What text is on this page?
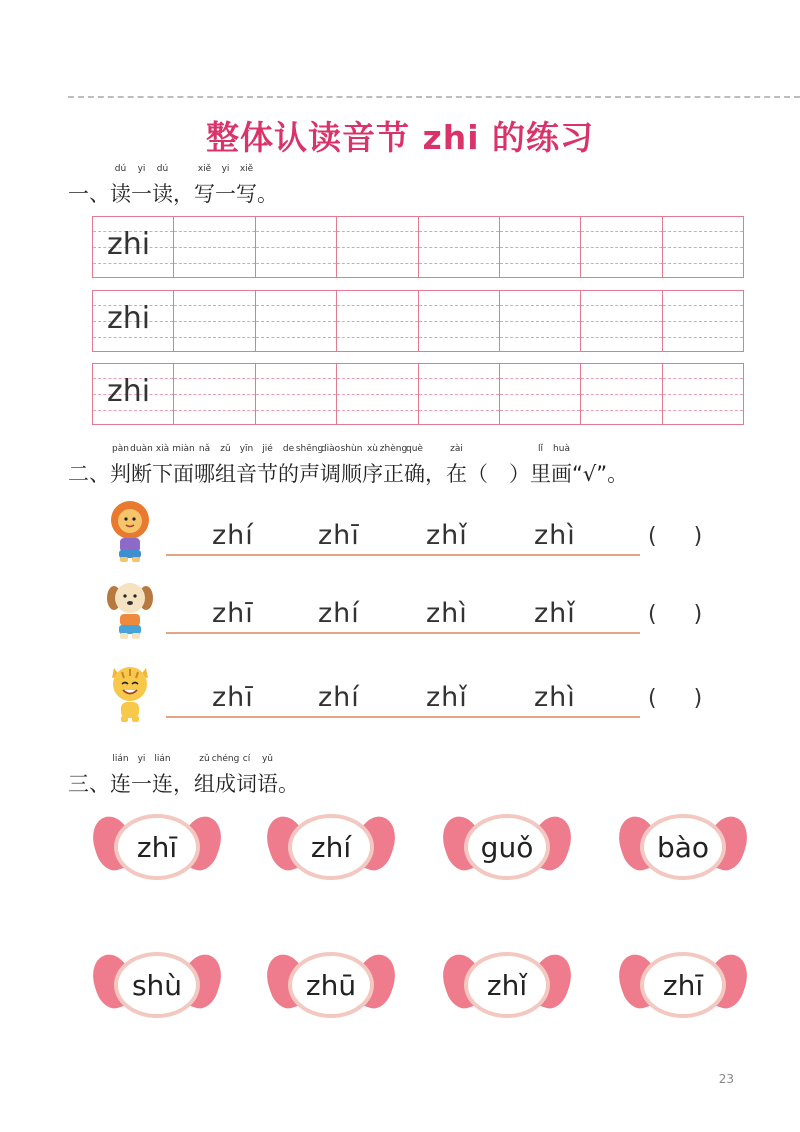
整体认读音节 zhi 的练习
一、
dú
读
yi
一
dú
读，
xiě
写
yi
一
xiě
写。
zhi
zhi
zhi
二、
pàn
判
duàn
断
xià
下
miàn
面
nǎ
哪
zǔ
组
yīn
音
jié
节
de
的
shēng
声
diào
调
shùn
顺
xù
序
zhèng
正
què
确，
zài
在（　）
lǐ
里
huà
画“√”。
zhí zhī zhǐ zhì	( )
zhī zhí zhì zhǐ	( )
zhī zhí zhǐ zhì	( )
三、
lián
连
yi
一
lián
连，
zǔ
组
chéng
成
cí
词
yǔ
语。
zhī	zhí	guǒ	bào
shù	zhū	zhǐ	zhī
23
